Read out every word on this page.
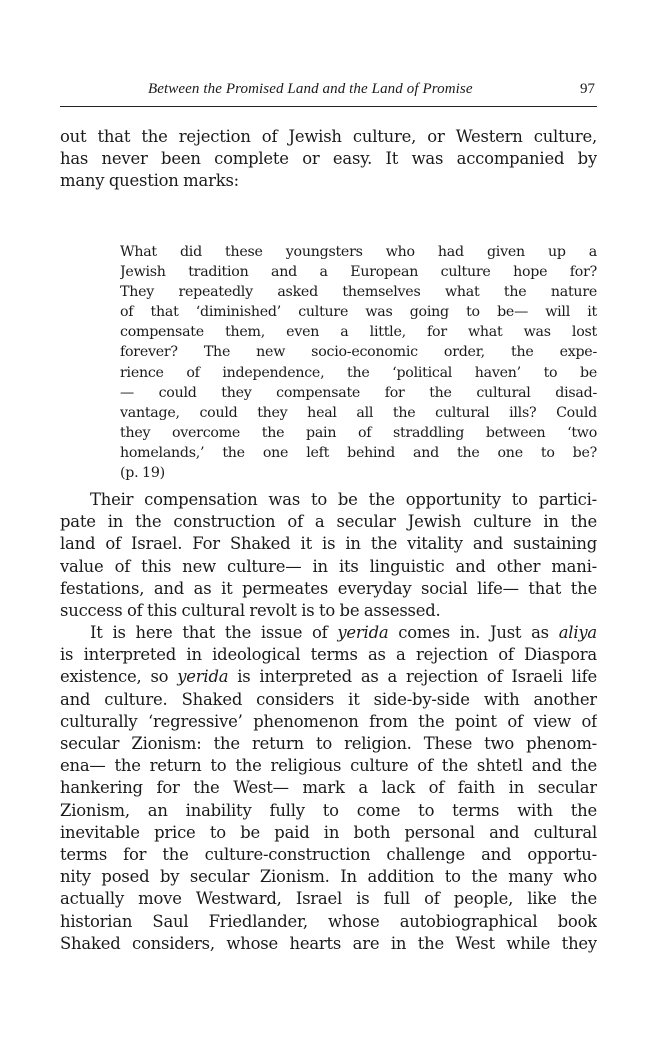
Between the Promised Land and the Land of Promise	97
out that the rejection of Jewish culture, or Western culture,
has never been complete or easy. It was accompanied by
many question marks:
What did these youngsters who had given up a
Jewish tradition and a European culture hope for?
They repeatedly asked themselves what the nature
of that ‘diminished’ culture was going to be— will it
compensate them, even a little, for what was lost
forever? The new socio-economic order, the expe-
rience of independence, the ‘political haven’ to be
— could they compensate for the cultural disad-
vantage, could they heal all the cultural ills? Could
they overcome the pain of straddling between ‘two
homelands,’ the one left behind and the one to be?
(p. 19)
Their compensation was to be the opportunity to partici-
pate in the construction of a secular Jewish culture in the
land of Israel. For Shaked it is in the vitality and sustaining
value of this new culture— in its linguistic and other mani-
festations, and as it permeates everyday social life— that the
success of this cultural revolt is to be assessed.
It is here that the issue of yerida comes in. Just as aliya
is interpreted in ideological terms as a rejection of Diaspora
existence, so yerida is interpreted as a rejection of Israeli life
and culture. Shaked considers it side-by-side with another
culturally ‘regressive’ phenomenon from the point of view of
secular Zionism: the return to religion. These two phenom-
ena— the return to the religious culture of the shtetl and the
hankering for the West— mark a lack of faith in secular
Zionism, an inability fully to come to terms with the
inevitable price to be paid in both personal and cultural
terms for the culture-construction challenge and opportu-
nity posed by secular Zionism. In addition to the many who
actually move Westward, Israel is full of people, like the
historian Saul Friedlander, whose autobiographical book
Shaked considers, whose hearts are in the West while they
